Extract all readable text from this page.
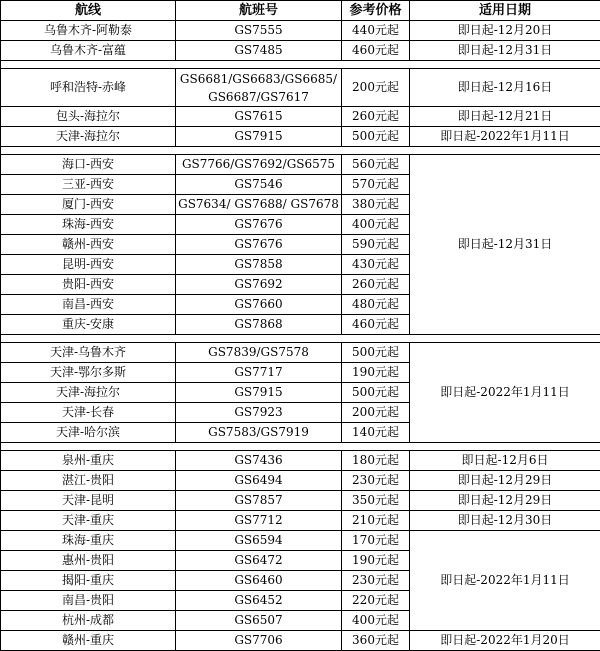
航线	航班号	参考价格	适用日期
乌鲁木齐-阿勒泰	GS7555	440元起	即日起-12月20日
乌鲁木齐-富蕴	GS7485	460元起	即日起-12月31日

呼和浩特-赤峰	GS6681/GS6683/GS6685/GS6687/GS7617	200元起	即日起-12月16日
包头-海拉尔	GS7615	260元起	即日起-12月21日
天津-海拉尔	GS7915	500元起	即日起-2022年1月11日

海口-西安	GS7766/GS7692/GS6575	560元起	即日起-12月31日
三亚-西安	GS7546	570元起	
厦门-西安	GS7634/ GS7688/ GS7678	380元起	
珠海-西安	GS7676	400元起	
赣州-西安	GS7676	590元起	
昆明-西安	GS7858	430元起	
贵阳-西安	GS7692	260元起	
南昌-西安	GS7660	480元起	
重庆-安康	GS7868	460元起	

天津-乌鲁木齐	GS7839/GS7578	500元起	即日起-2022年1月11日
天津-鄂尔多斯	GS7717	190元起	
天津-海拉尔	GS7915	500元起	
天津-长春	GS7923	200元起	
天津-哈尔滨	GS7583/GS7919	140元起	

泉州-重庆	GS7436	180元起	即日起-12月6日
湛江-贵阳	GS6494	230元起	即日起-12月29日
天津-昆明	GS7857	350元起	即日起-12月29日
天津-重庆	GS7712	210元起	即日起-12月30日
珠海-重庆	GS6594	170元起	即日起-2022年1月11日
惠州-贵阳	GS6472	190元起	
揭阳-重庆	GS6460	230元起	
南昌-贵阳	GS6452	220元起	
杭州-成都	GS6507	400元起	
赣州-重庆	GS7706	360元起	即日起-2022年1月20日
